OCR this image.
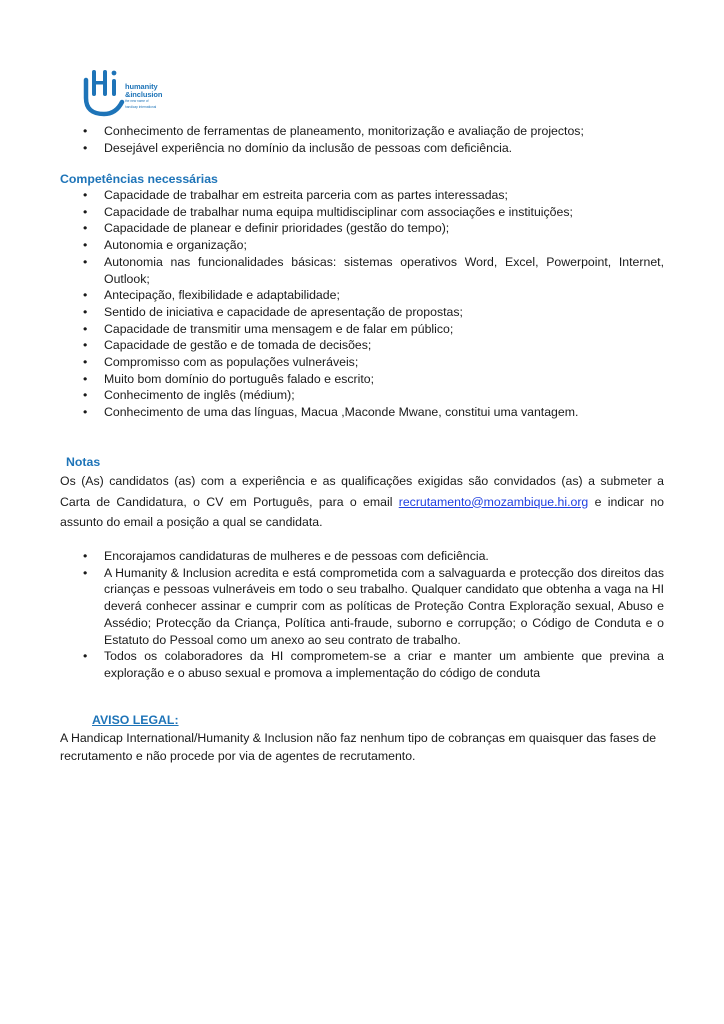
humanity
&inclusion
the new name of
handicap international
• Conhecimento de ferramentas de planeamento, monitorização e avaliação de projectos;
• Desejável experiência no domínio da inclusão de pessoas com deficiência.
Competências necessárias
• Capacidade de trabalhar em estreita parceria com as partes interessadas;
• Capacidade de trabalhar numa equipa multidisciplinar com associações e instituições;
• Capacidade de planear e definir prioridades (gestão do tempo);
• Autonomia e organização;
• Autonomia nas funcionalidades básicas: sistemas operativos Word, Excel, Powerpoint, Internet, Outlook;
• Antecipação, flexibilidade e adaptabilidade;
• Sentido de iniciativa e capacidade de apresentação de propostas;
• Capacidade de transmitir uma mensagem e de falar em público;
• Capacidade de gestão e de tomada de decisões;
• Compromisso com as populações vulneráveis;
• Muito bom domínio do português falado e escrito;
• Conhecimento de inglês (médium);
• Conhecimento de uma das línguas, Macua ,Maconde Mwane, constitui uma vantagem.
Notas

Os (As) candidatos (as) com a experiência e as qualificações exigidas são convidados (as) a submeter a Carta de Candidatura, o CV em Português, para o email recrutamento@mozambique.hi.org e indicar no assunto do email a posição a qual se candidata.

• Encorajamos candidaturas de mulheres e de pessoas com deficiência.
• A Humanity & Inclusion acredita e está comprometida com a salvaguarda e protecção dos direitos das crianças e pessoas vulneráveis em todo o seu trabalho. Qualquer candidato que obtenha a vaga na HI deverá conhecer assinar e cumprir com as políticas de Proteção Contra Exploração sexual, Abuso e Assédio; Protecção da Criança, Política anti-fraude, suborno e corrupção; o Código de Conduta e o Estatuto do Pessoal como um anexo ao seu contrato de trabalho.
• Todos os colaboradores da HI comprometem-se a criar e manter um ambiente que previna a exploração e o abuso sexual e promova a implementação do código de conduta
AVISO LEGAL:
A Handicap International/Humanity & Inclusion não faz nenhum tipo de cobranças em quaisquer das fases de recrutamento e não procede por via de agentes de recrutamento.
